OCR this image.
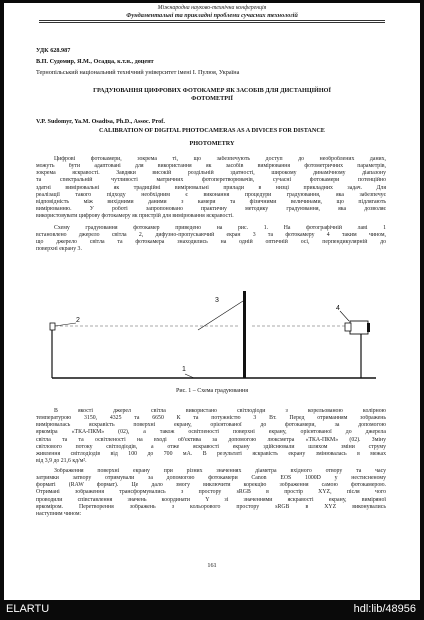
Міжнародна науково-технічна конференція
Фундаментальні та прикладні проблеми сучасних технологій
УДК 628.987
В.П. Судомир, Я.М., Осадца, к.т.н., доцент
Тернопільський національний технічний університет імені І. Пулюя, Україна
ГРАДУЮВАННЯ ЦИФРОВИХ ФОТОКАМЕР ЯК ЗАСОБІВ ДЛЯ ДИСТАНЦІЙНОЇ
ФОТОМЕТРІЇ
V.P. Sudomyr, Ya.M. Osadtsa, Ph.D., Assoc. Prof.
CALIBRATION OF DIGITAL PHOTOCAMERAS AS A DIVICES FOR DISTANCE
PHOTOMETRY
Цифрові фотокамери, зокрема ті, що забезпечують доступ до необроблених даних,
можуть бути адаптовані для використання як засобів вимірювання фотометричних параметрів,
зокрема яскравості. Завдяки високій роздільній здатності, широкому динамічному діапазону
та спектральній чутливості матричних фотоперетворювачів, сучасні фотокамери потенційно
здатні вимірювальні як традиційні вимірювальні прилади в низці прикладних задач. Для
реалізації такого підходу необхідним є виконання процедури градуювання, яка забезпечує
відповідність між вихідними даними з камери та фізичними величинами, що підлягають
вимірюванню. У роботі запропоновано практичну методику градуювання, яка дозволяє
використовувати цифрову фотокамеру як пристрій для вимірювання яскравості.
Схему градуювання фотокамер приведено на рис. 1. На фотографічній лаві 1
встановлено джерело світла 2, дифузно-пропускаючий екран 3 та фотокамеру 4 таким чином,
що джерело світла та фотокамера знаходились на одній оптичній осі, перпендикулярній до
поверхні екрану 3.
1
2
3
4
Рис. 1 – Схема градуювання
В якості джерел світла використано світлодіоди з корельованою колірною
температурою 3150, 4325 та 6650 К та потужністю 3 Вт. Перед отриманням зображень
вимірювалась яскравість поверхні екрану, орієнтованої до фотокамери, за допомогою
яркоміра «ТКА-ПКМ» (02), а також освітленості поверхні екрану, орієнтованої до джерела
світла та та освітленості на вході об'єктива за допомогою люксметра «ТКА-ПКМ» (02). Зміну
світлового потоку світлодіодів, а отже яскравості екрану здійснювали шляхом зміни струму
живлення світлодіодів від 100 до 700 мА. В результаті яскравість екрану змінювалась в межах
від 3,9 до 21,6 кд/м².
Зображення поверхні екрану при різних значеннях діаметра вхідного отвору та часу
затримки затвору отримували за допомогою фотокамери Canon EOS 1000D у нестисненому
форматі (RAW формат). Це дало змогу виключити корекцію зображення самою фотокамерою.
Отримані зображення трансформувались з простору sRGB в простір XYZ, після чого
проводили співставлення значень координати Y зі значеннями яскравості екрану, виміряної
яркоміром. Перетворення зображень з кольорового простору sRGB в XYZ виконувались
наступним чином:
161
ELARTU	hdl:lib/48956
